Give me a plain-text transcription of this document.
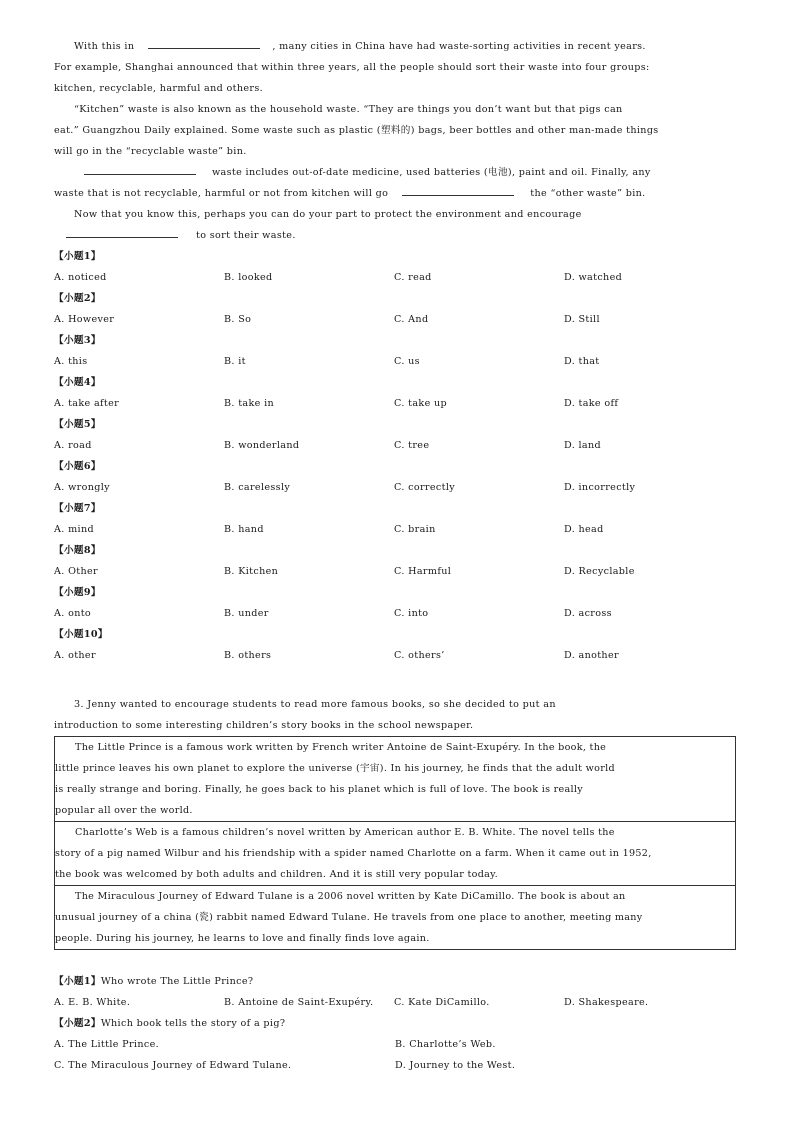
With this in	, many cities in China have had waste-sorting activities in recent years.
For example, Shanghai announced that within three years, all the people should sort their waste into four groups:
kitchen, recyclable, harmful and others.
“Kitchen” waste is also known as the household waste. “They are things you don’t want but that pigs can
eat.” Guangzhou Daily explained. Some waste such as plastic (塑料的) bags, beer bottles and other man-made things
will go in the “recyclable waste” bin.
waste includes out-of-date medicine, used batteries (电池), paint and oil. Finally, any
waste that is not recyclable, harmful or not from kitchen will go	the “other waste” bin.
Now that you know this, perhaps you can do your part to protect the environment and encourage
to sort their waste.
【小题1】
A. noticed	B. looked	C. read	D. watched
【小题2】
A. However	B. So	C. And	D. Still
【小题3】
A. this	B. it	C. us	D. that
【小题4】
A. take after	B. take in	C. take up	D. take off
【小题5】
A. road	B. wonderland	C. tree	D. land
【小题6】
A. wrongly	B. carelessly	C. correctly	D. incorrectly
【小题7】
A. mind	B. hand	C. brain	D. head
【小题8】
A. Other	B. Kitchen	C. Harmful	D. Recyclable
【小题9】
A. onto	B. under	C. into	D. across
【小题10】
A. other	B. others	C. others’	D. another
3. Jenny wanted to encourage students to read more famous books, so she decided to put an
introduction to some interesting children’s story books in the school newspaper.
The Little Prince is a famous work written by French writer Antoine de Saint-Exupéry. In the book, the
little prince leaves his own planet to explore the universe (宇宙). In his journey, he finds that the adult world
is really strange and boring. Finally, he goes back to his planet which is full of love. The book is really
popular all over the world.
Charlotte’s Web is a famous children’s novel written by American author E. B. White. The novel tells the
story of a pig named Wilbur and his friendship with a spider named Charlotte on a farm. When it came out in 1952,
the book was welcomed by both adults and children. And it is still very popular today.
The Miraculous Journey of Edward Tulane is a 2006 novel written by Kate DiCamillo. The book is about an
unusual journey of a china (瓷) rabbit named Edward Tulane. He travels from one place to another, meeting many
people. During his journey, he learns to love and finally finds love again.
【小题1】Who wrote The Little Prince?
A. E. B. White.	B. Antoine de Saint-Exupéry.	C. Kate DiCamillo.	D. Shakespeare.
【小题2】Which book tells the story of a pig?
A. The Little Prince.	B. Charlotte’s Web.
C. The Miraculous Journey of Edward Tulane.	D. Journey to the West.
